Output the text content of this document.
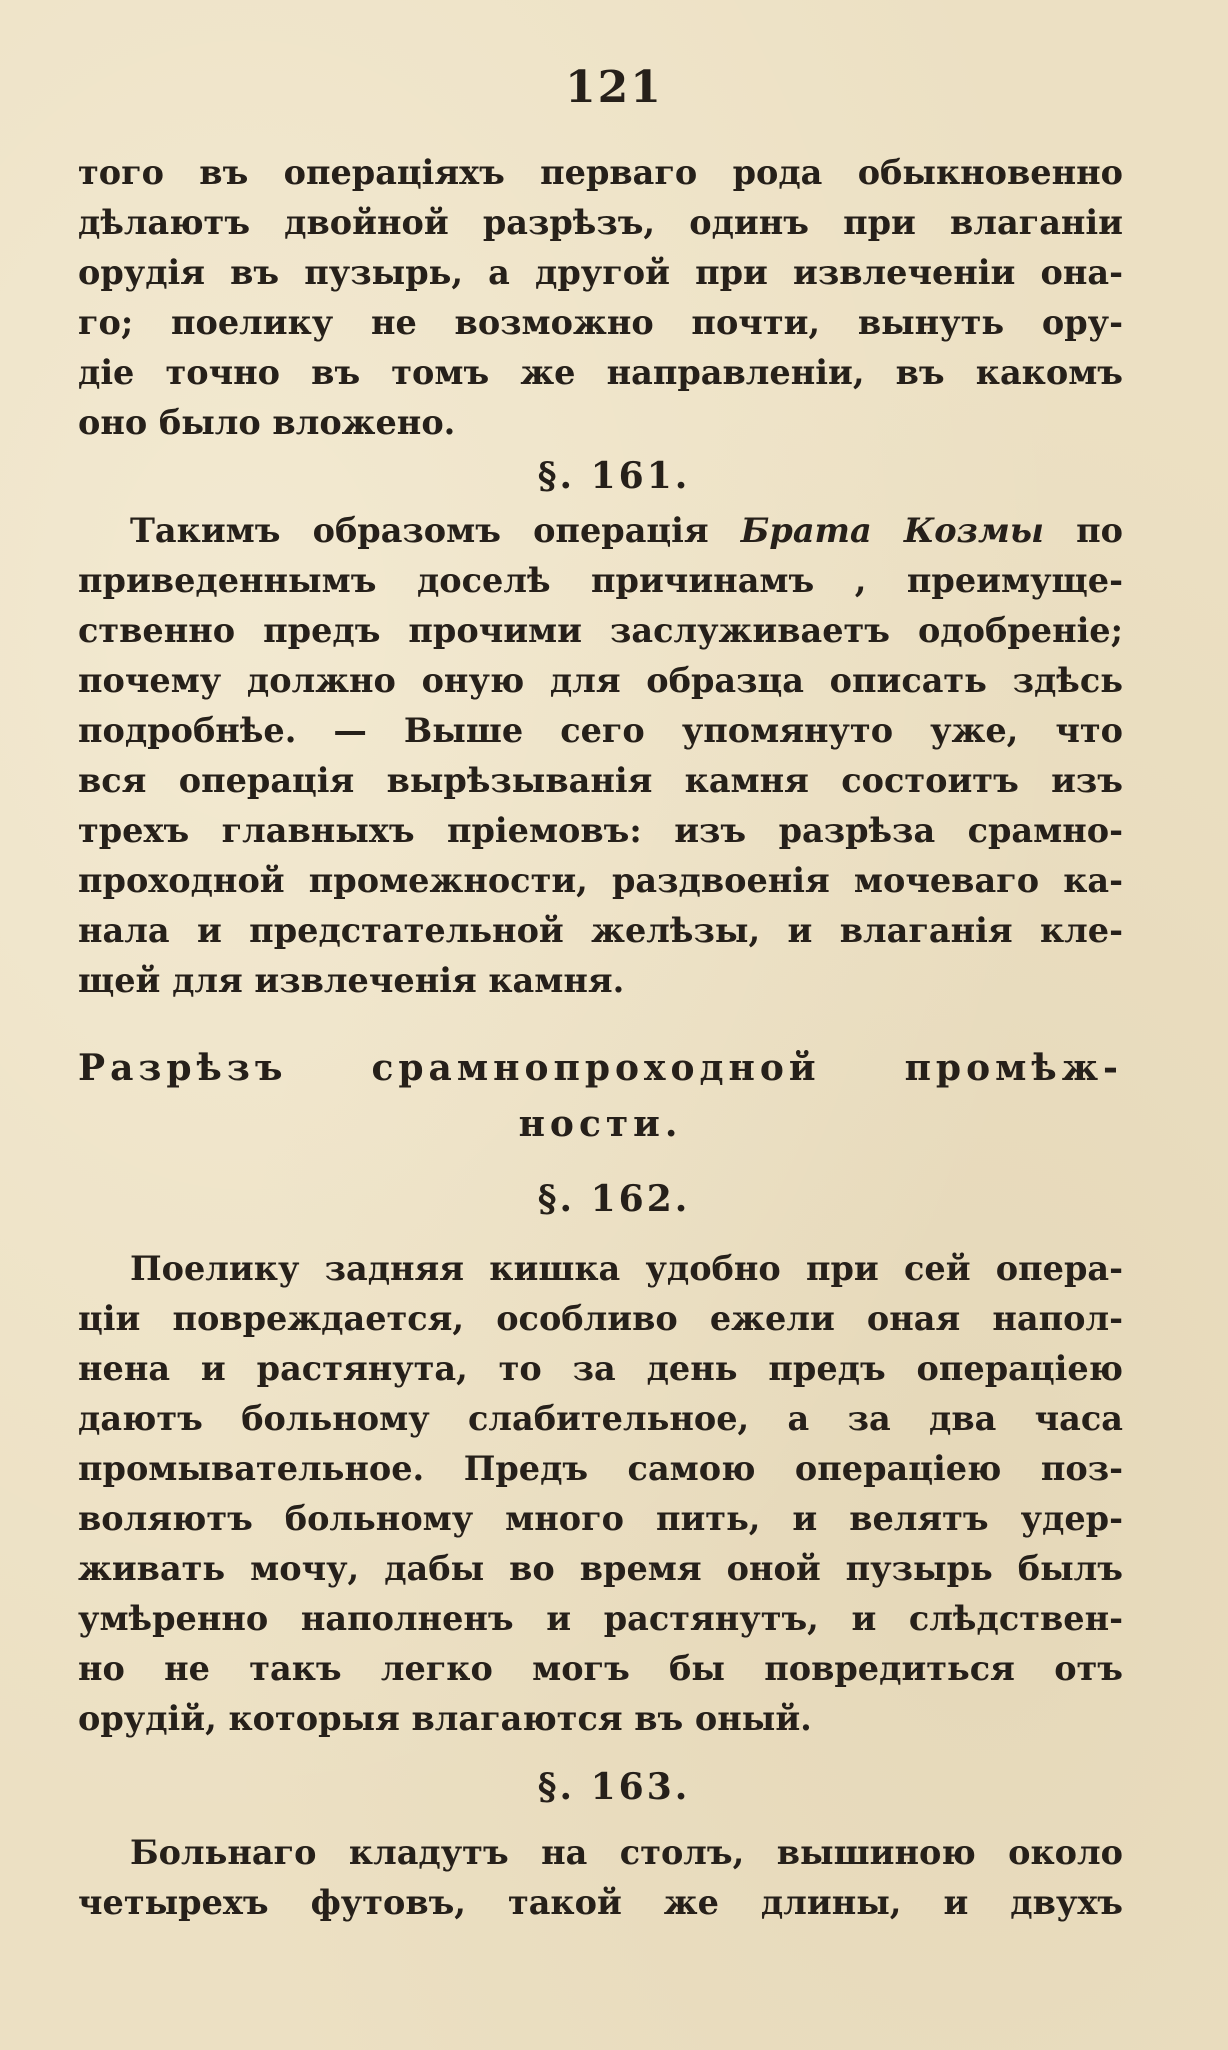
121
того въ операціяхъ перваго рода обыкновенно
дѣлаютъ двойной разрѣзъ, одинъ при влаганіи
орудія въ пузырь, а другой при извлеченіи она-
го; поелику не возможно почти, вынуть ору-
діе точно въ томъ же направленіи, въ какомъ
оно было вложено.
§. 161.
Такимъ образомъ операція Брата Козмы по
приведеннымъ доселѣ причинамъ , преимуще-
ственно предъ прочими заслуживаетъ одобреніе;
почему должно оную для образца описать здѣсь
подробнѣе. — Выше сего упомянуто уже, что
вся операція вырѣзыванія камня состоитъ изъ
трехъ главныхъ пріемовъ: изъ разрѣза срамно-
проходной промежности, раздвоенія мочеваго ка-
нала и предстательной желѣзы, и влаганія кле-
щей для извлеченія камня.
Разрѣзъ срамнопроходной промѣж-
ности.
§. 162.
Поелику задняя кишка удобно при сей опера-
ціи повреждается, особливо ежели оная напол-
нена и растянута, то за день предъ операціею
даютъ больному слабительное, а за два часа
промывательное. Предъ самою операціею поз-
воляютъ больному много пить, и велятъ удер-
живать мочу, дабы во время оной пузырь былъ
умѣренно наполненъ и растянутъ, и слѣдствен-
но не такъ легко могъ бы повредиться отъ
орудій, которыя влагаются въ оный.
§. 163.
Больнаго кладутъ на столъ, вышиною около
четырехъ футовъ, такой же длины, и двухъ
